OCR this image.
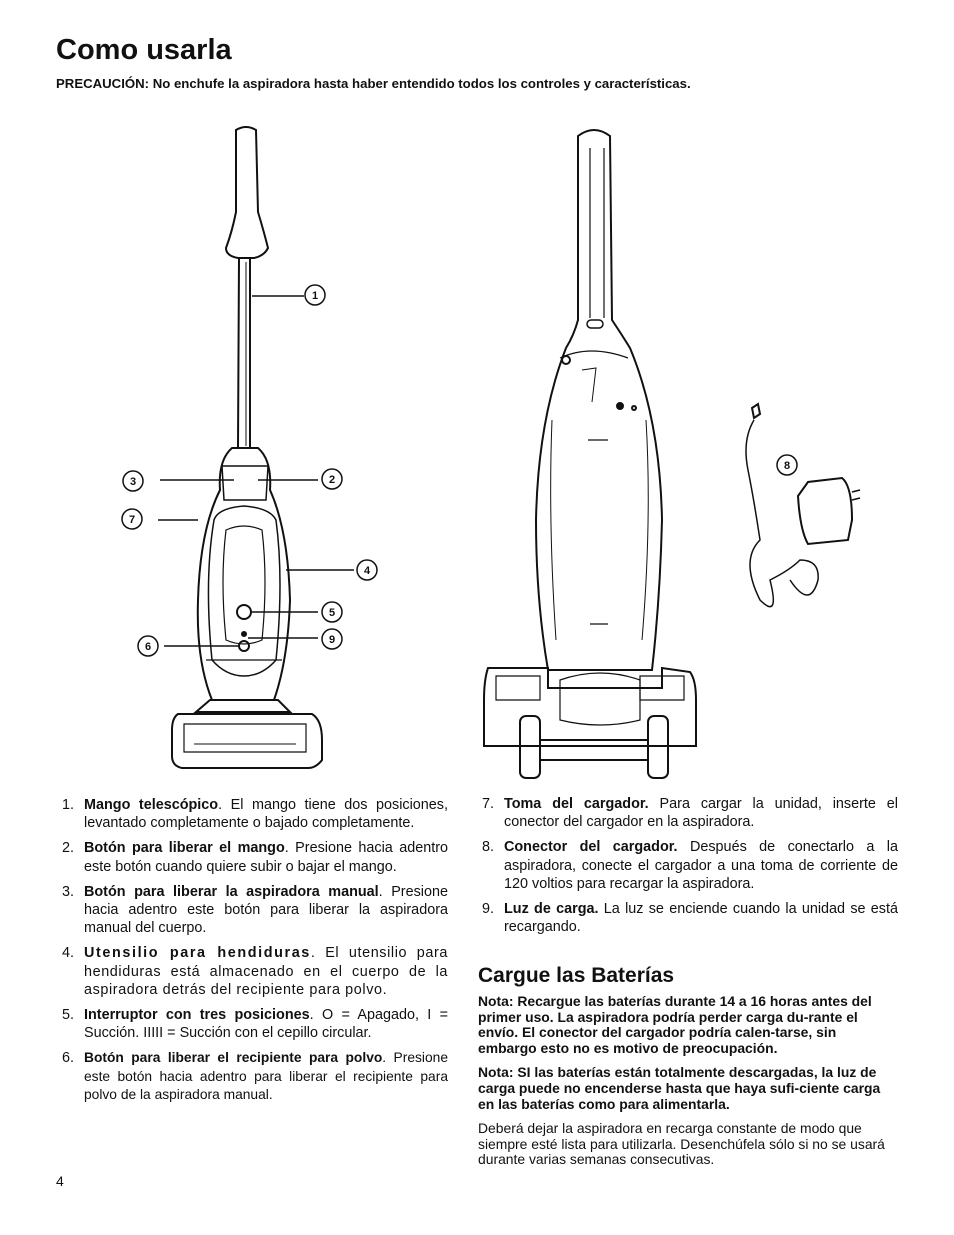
Como usarla
PRECAUCIÓN: No enchufe la aspiradora hasta haber entendido todos los controles y características.
1
2
3
4
5
6
7
8
9
1. Mango telescópico. El mango tiene dos posiciones, levantado completamente o bajado completamente.
2. Botón para liberar el mango. Presione hacia adentro este botón cuando quiere subir o bajar el mango.
3. Botón para liberar la aspiradora manual. Presione hacia adentro este botón para liberar la aspiradora manual del cuerpo.
4. Utensilio para hendiduras. El utensilio para hendiduras está almacenado en el cuerpo de la aspiradora detrás del recipiente para polvo.
5. Interruptor con tres posiciones. O = Apagado, I = Succión. IIIII = Succión con el cepillo circular.
6. Botón para liberar el recipiente para polvo. Presione este botón hacia adentro para liberar el recipiente para polvo de la aspiradora manual.
7. Toma del cargador. Para cargar la unidad, inserte el conector del cargador en la aspiradora.
8. Conector del cargador. Después de conectarlo a la aspiradora, conecte el cargador a una toma de corriente de 120 voltios para recargar la aspiradora.
9. Luz de carga. La luz se enciende cuando la unidad se está recargando.
Cargue las Baterías

Nota: Recargue las baterías durante 14 a 16 horas antes del primer uso. La aspiradora podría perder carga du-rante el envío. El conector del cargador podría calen-tarse, sin embargo esto no es motivo de preocupación.

Nota: SI las baterías están totalmente descargadas, la luz de carga puede no encenderse hasta que haya sufi-ciente carga en las baterías como para alimentarla.

Deberá dejar la aspiradora en recarga constante de modo que siempre esté lista para utilizarla. Desenchúfela sólo si no se usará durante varias semanas consecutivas.

4
